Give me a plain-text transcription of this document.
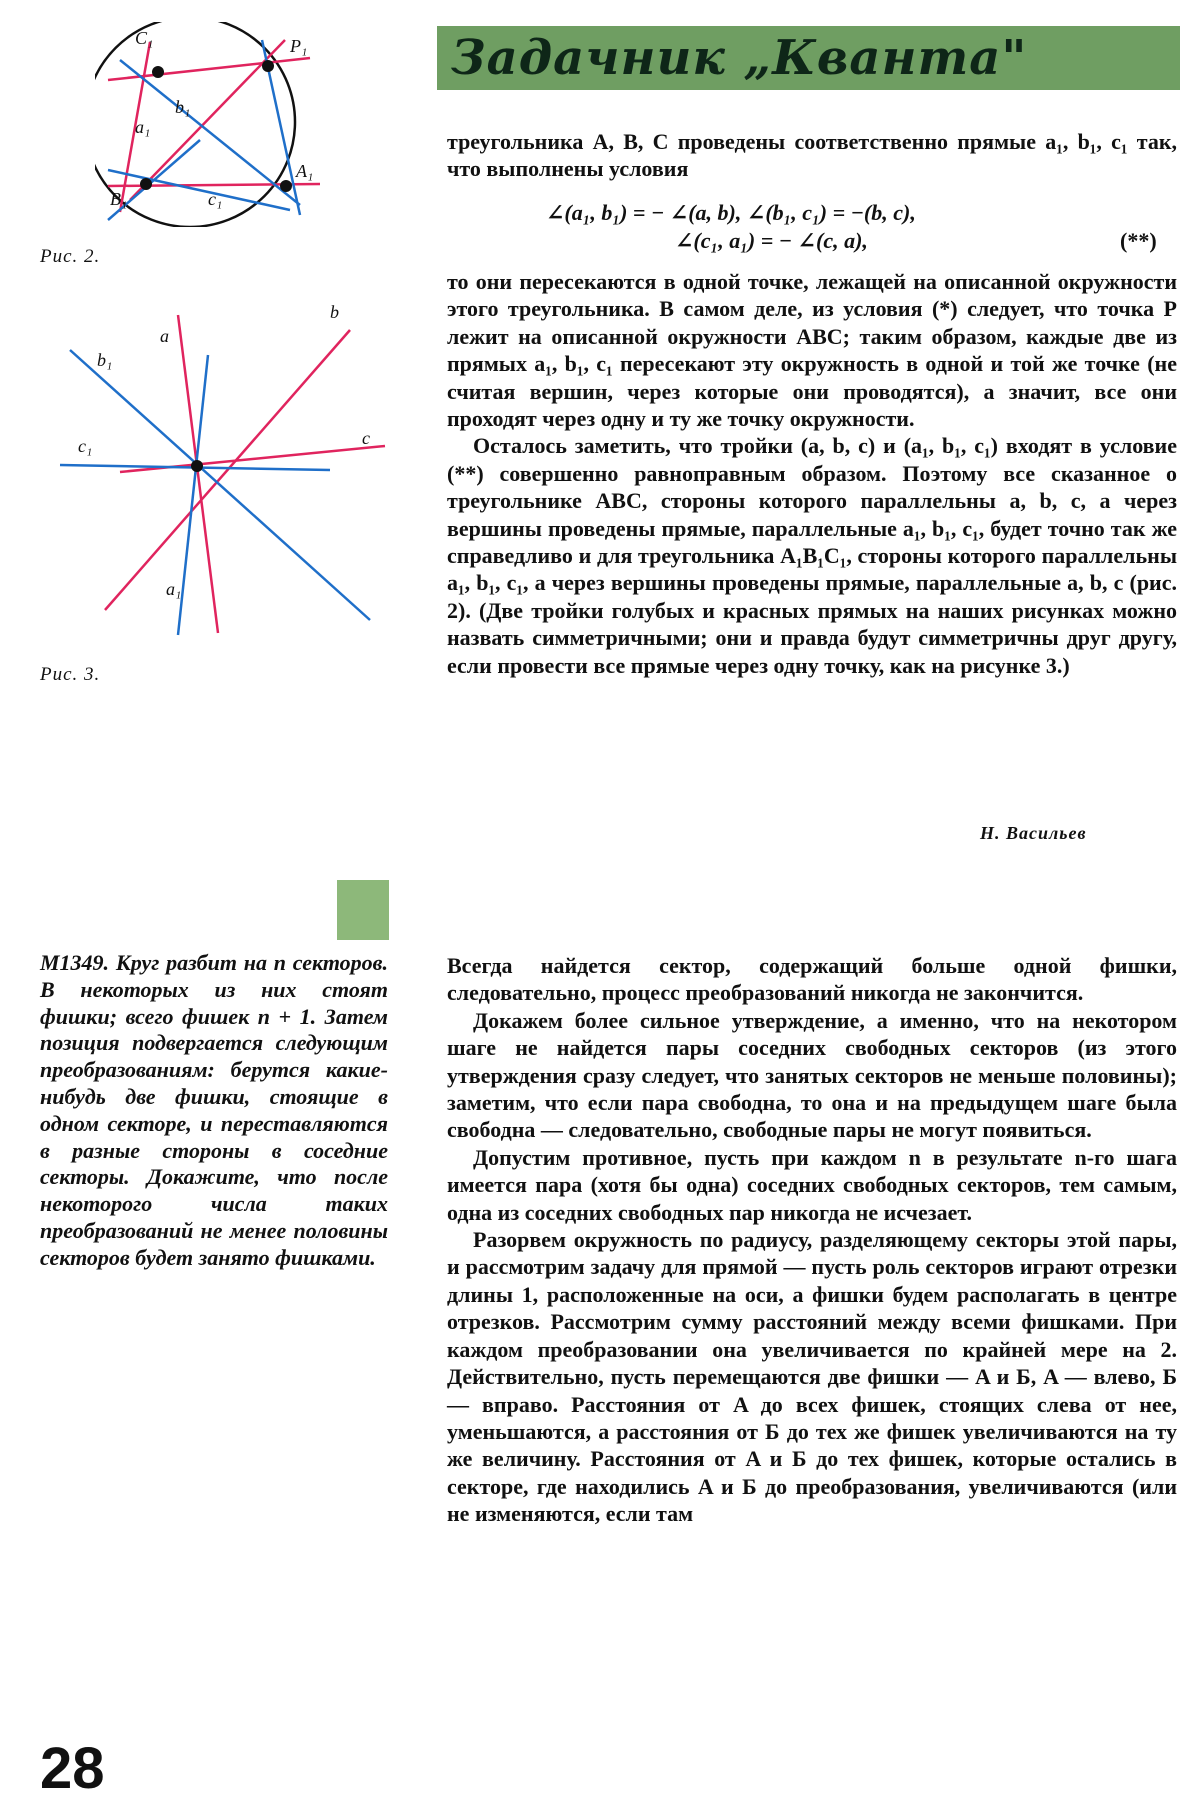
C₁	P₁
a₁
b₁
c₁
A₁
B₁
Рис. 2.
a
b
c
a₁
b₁
c₁
Рис. 3.
Задачник „Кванта"

треугольника A, B, C проведены соответственно прямые a₁, b₁, c₁ так, что выполнены условия

∠(a₁, b₁) = − ∠(a, b), ∠(b₁, c₁) = −(b, c),
∠(c₁, a₁) = − ∠(c, a),	(**)

то они пересекаются в одной точке, лежащей на описанной окружности этого треугольника. В самом деле, из условия (*) следует, что точка P лежит на описанной окружности ABC; таким образом, каждые две из прямых a₁, b₁, c₁ пересекают эту окружность в одной и той же точке (не считая вершин, через которые они проводятся), а значит, все они проходят через одну и ту же точку окружности.

Осталось заметить, что тройки (a, b, c) и (a₁, b₁, c₁) входят в условие (**) совершенно равноправным образом. Поэтому все сказанное о треугольнике ABC, стороны которого параллельны a, b, c, а через вершины проведены прямые, параллельные a₁, b₁, c₁, будет точно так же справедливо и для треугольника A₁B₁C₁, стороны которого параллельны a₁, b₁, c₁, а через вершины проведены прямые, параллельные a, b, c (рис. 2). (Две тройки голубых и красных прямых на наших рисунках можно назвать симметричными; они и правда будут симметричны друг другу, если провести все прямые через одну точку, как на рисунке 3.)

Н. Васильев
M1349. Круг разбит на n секторов. В некоторых из них стоят фишки; всего фишек n + 1. Затем позиция подвергается следующим преобразованиям: берутся какие-нибудь две фишки, стоящие в одном секторе, и переставляются в разные стороны в соседние секторы. Докажите, что после некоторого числа таких преобразований не менее половины секторов будет занято фишками.

Всегда найдется сектор, содержащий больше одной фишки, следовательно, процесс преобразований никогда не закончится.

Докажем более сильное утверждение, а именно, что на некотором шаге не найдется пары соседних свободных секторов (из этого утверждения сразу следует, что занятых секторов не меньше половины); заметим, что если пара свободна, то она и на предыдущем шаге была свободна — следовательно, свободные пары не могут появиться.

Допустим противное, пусть при каждом n в результате n-го шага имеется пара (хотя бы одна) соседних свободных секторов, тем самым, одна из соседних свободных пар никогда не исчезает.

Разорвем окружность по радиусу, разделяющему секторы этой пары, и рассмотрим задачу для прямой — пусть роль секторов играют отрезки длины 1, расположенные на оси, а фишки будем располагать в центре отрезков. Рассмотрим сумму расстояний между всеми фишками. При каждом преобразовании она увеличивается по крайней мере на 2. Действительно, пусть перемещаются две фишки — A и Б, A — влево, Б — вправо. Расстояния от A до всех фишек, стоящих слева от нее, уменьшаются, а расстояния от Б до тех же фишек увеличиваются на ту же величину. Расстояния от A и Б до тех фишек, которые остались в секторе, где находились A и Б до преобразования, увеличиваются (или не изменяются, если там

28
